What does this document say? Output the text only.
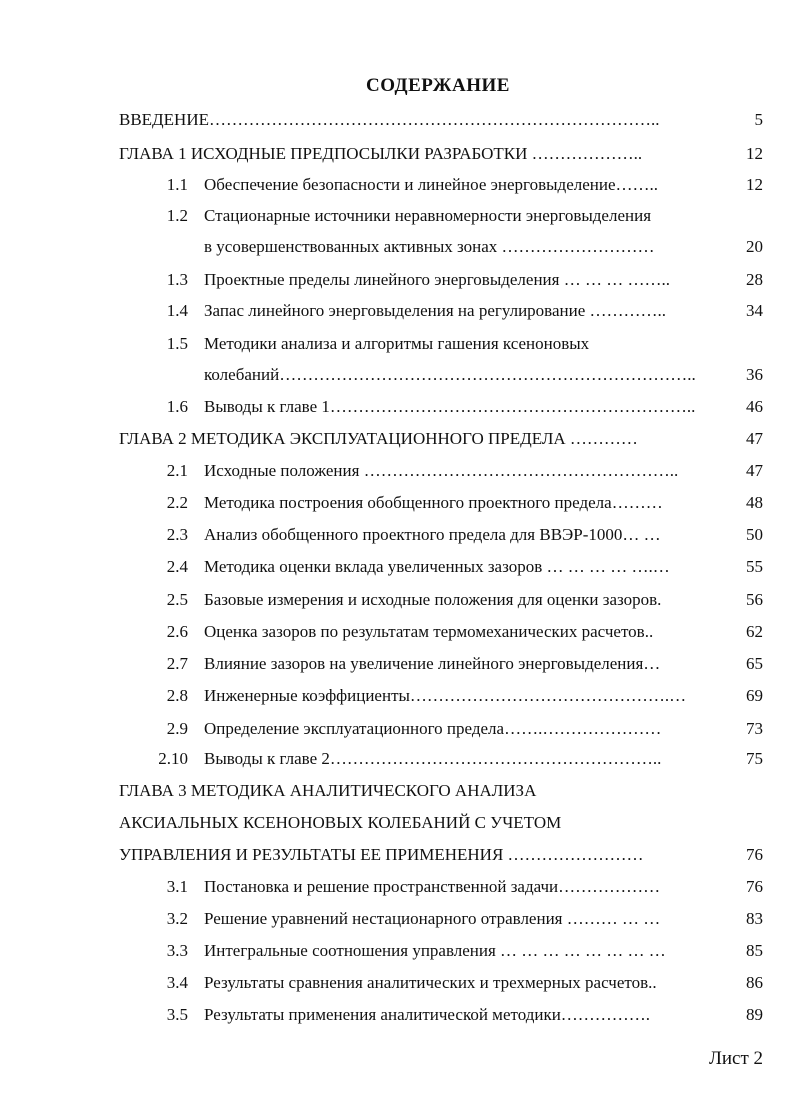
СОДЕРЖАНИЕ
ВВЕДЕНИЕ……………………………………………………………………..	5
ГЛАВА 1 ИСХОДНЫЕ ПРЕДПОСЫЛКИ РАЗРАБОТКИ ………………..	12
1.1 Обеспечение безопасности и линейное энерговыделение……..	12
1.2 Стационарные источники неравномерности энерговыделения
в усовершенствованных активных зонах ………………………	20
1.3 Проектные пределы линейного энерговыделения … … … ……..	28
1.4 Запас линейного энерговыделения на регулирование …………..	34
1.5 Методики анализа и алгоритмы гашения ксеноновых
колебаний………………………………………………………………..	36
1.6 Выводы к главе 1………………………………………………………..	46
ГЛАВА 2 МЕТОДИКА ЭКСПЛУАТАЦИОННОГО ПРЕДЕЛА …………	47
2.1 Исходные положения ………………………………………………..	47
2.2 Методика построения обобщенного проектного предела………	48
2.3 Анализ обобщенного проектного предела для ВВЭР-1000… …	50
2.4 Методика оценки вклада увеличенных зазоров … … … … ….…	55
2.5 Базовые измерения и исходные положения для оценки зазоров.	56
2.6 Оценка зазоров по результатам термомеханических расчетов..	62
2.7 Влияние зазоров на увеличение линейного энерговыделения…	65
2.8 Инженерные коэффициенты……………………………………….…	69
2.9 Определение эксплуатационного предела…….…………………	73
2.10 Выводы к главе 2…………………………………………………..	75
ГЛАВА 3 МЕТОДИКА АНАЛИТИЧЕСКОГО АНАЛИЗА
АКСИАЛЬНЫХ КСЕНОНОВЫХ КОЛЕБАНИЙ С УЧЕТОМ
УПРАВЛЕНИЯ И РЕЗУЛЬТАТЫ ЕЕ ПРИМЕНЕНИЯ ……………………	76
3.1 Постановка и решение пространственной задачи………………	76
3.2 Решение уравнений нестационарного отравления ……… … …	83
3.3 Интегральные соотношения управления … … … … … … … …	85
3.4 Результаты сравнения аналитических и трехмерных расчетов..	86
3.5 Результаты применения аналитической методики…………….	89
Лист 2
